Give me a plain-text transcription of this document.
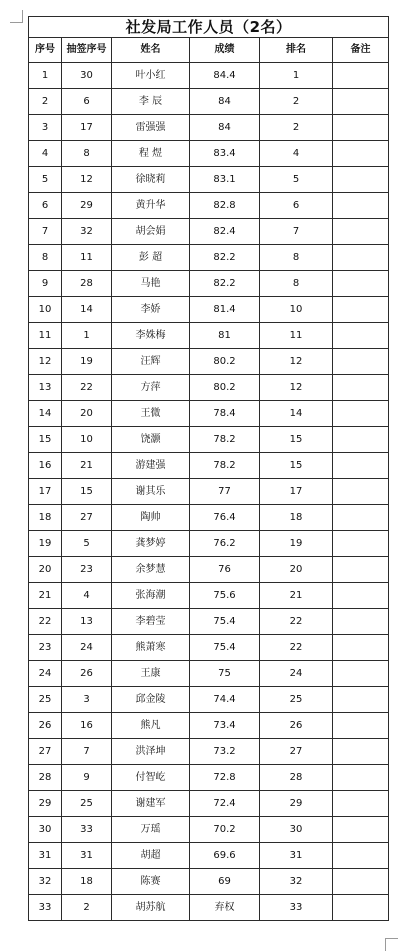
社发局工作人员（2名）					
序号	抽签序号	姓名	成绩	排名	备注
1	30	叶小红	84.4	1	
2	6	李 辰	84	2	
3	17	雷强强	84	2	
4	8	程 煜	83.4	4	
5	12	徐晓莉	83.1	5	
6	29	黄升华	82.8	6	
7	32	胡会娟	82.4	7	
8	11	彭 超	82.2	8	
9	28	马艳	82.2	8	
10	14	李娇	81.4	10	
11	1	李姝梅	81	11	
12	19	汪辉	80.2	12	
13	22	方萍	80.2	12	
14	20	王微	78.4	14	
15	10	饶灏	78.2	15	
16	21	游建强	78.2	15	
17	15	谢其乐	77	17	
18	27	陶帅	76.4	18	
19	5	龚梦婷	76.2	19	
20	23	余梦慧	76	20	
21	4	张海潮	75.6	21	
22	13	李碧莹	75.4	22	
23	24	熊萧寒	75.4	22	
24	26	王康	75	24	
25	3	邱金陵	74.4	25	
26	16	熊凡	73.4	26	
27	7	洪泽坤	73.2	27	
28	9	付智屹	72.8	28	
29	25	谢建军	72.4	29	
30	33	万瑶	70.2	30	
31	31	胡超	69.6	31	
32	18	陈赛	69	32	
33	2	胡苏航	弃权	33	
